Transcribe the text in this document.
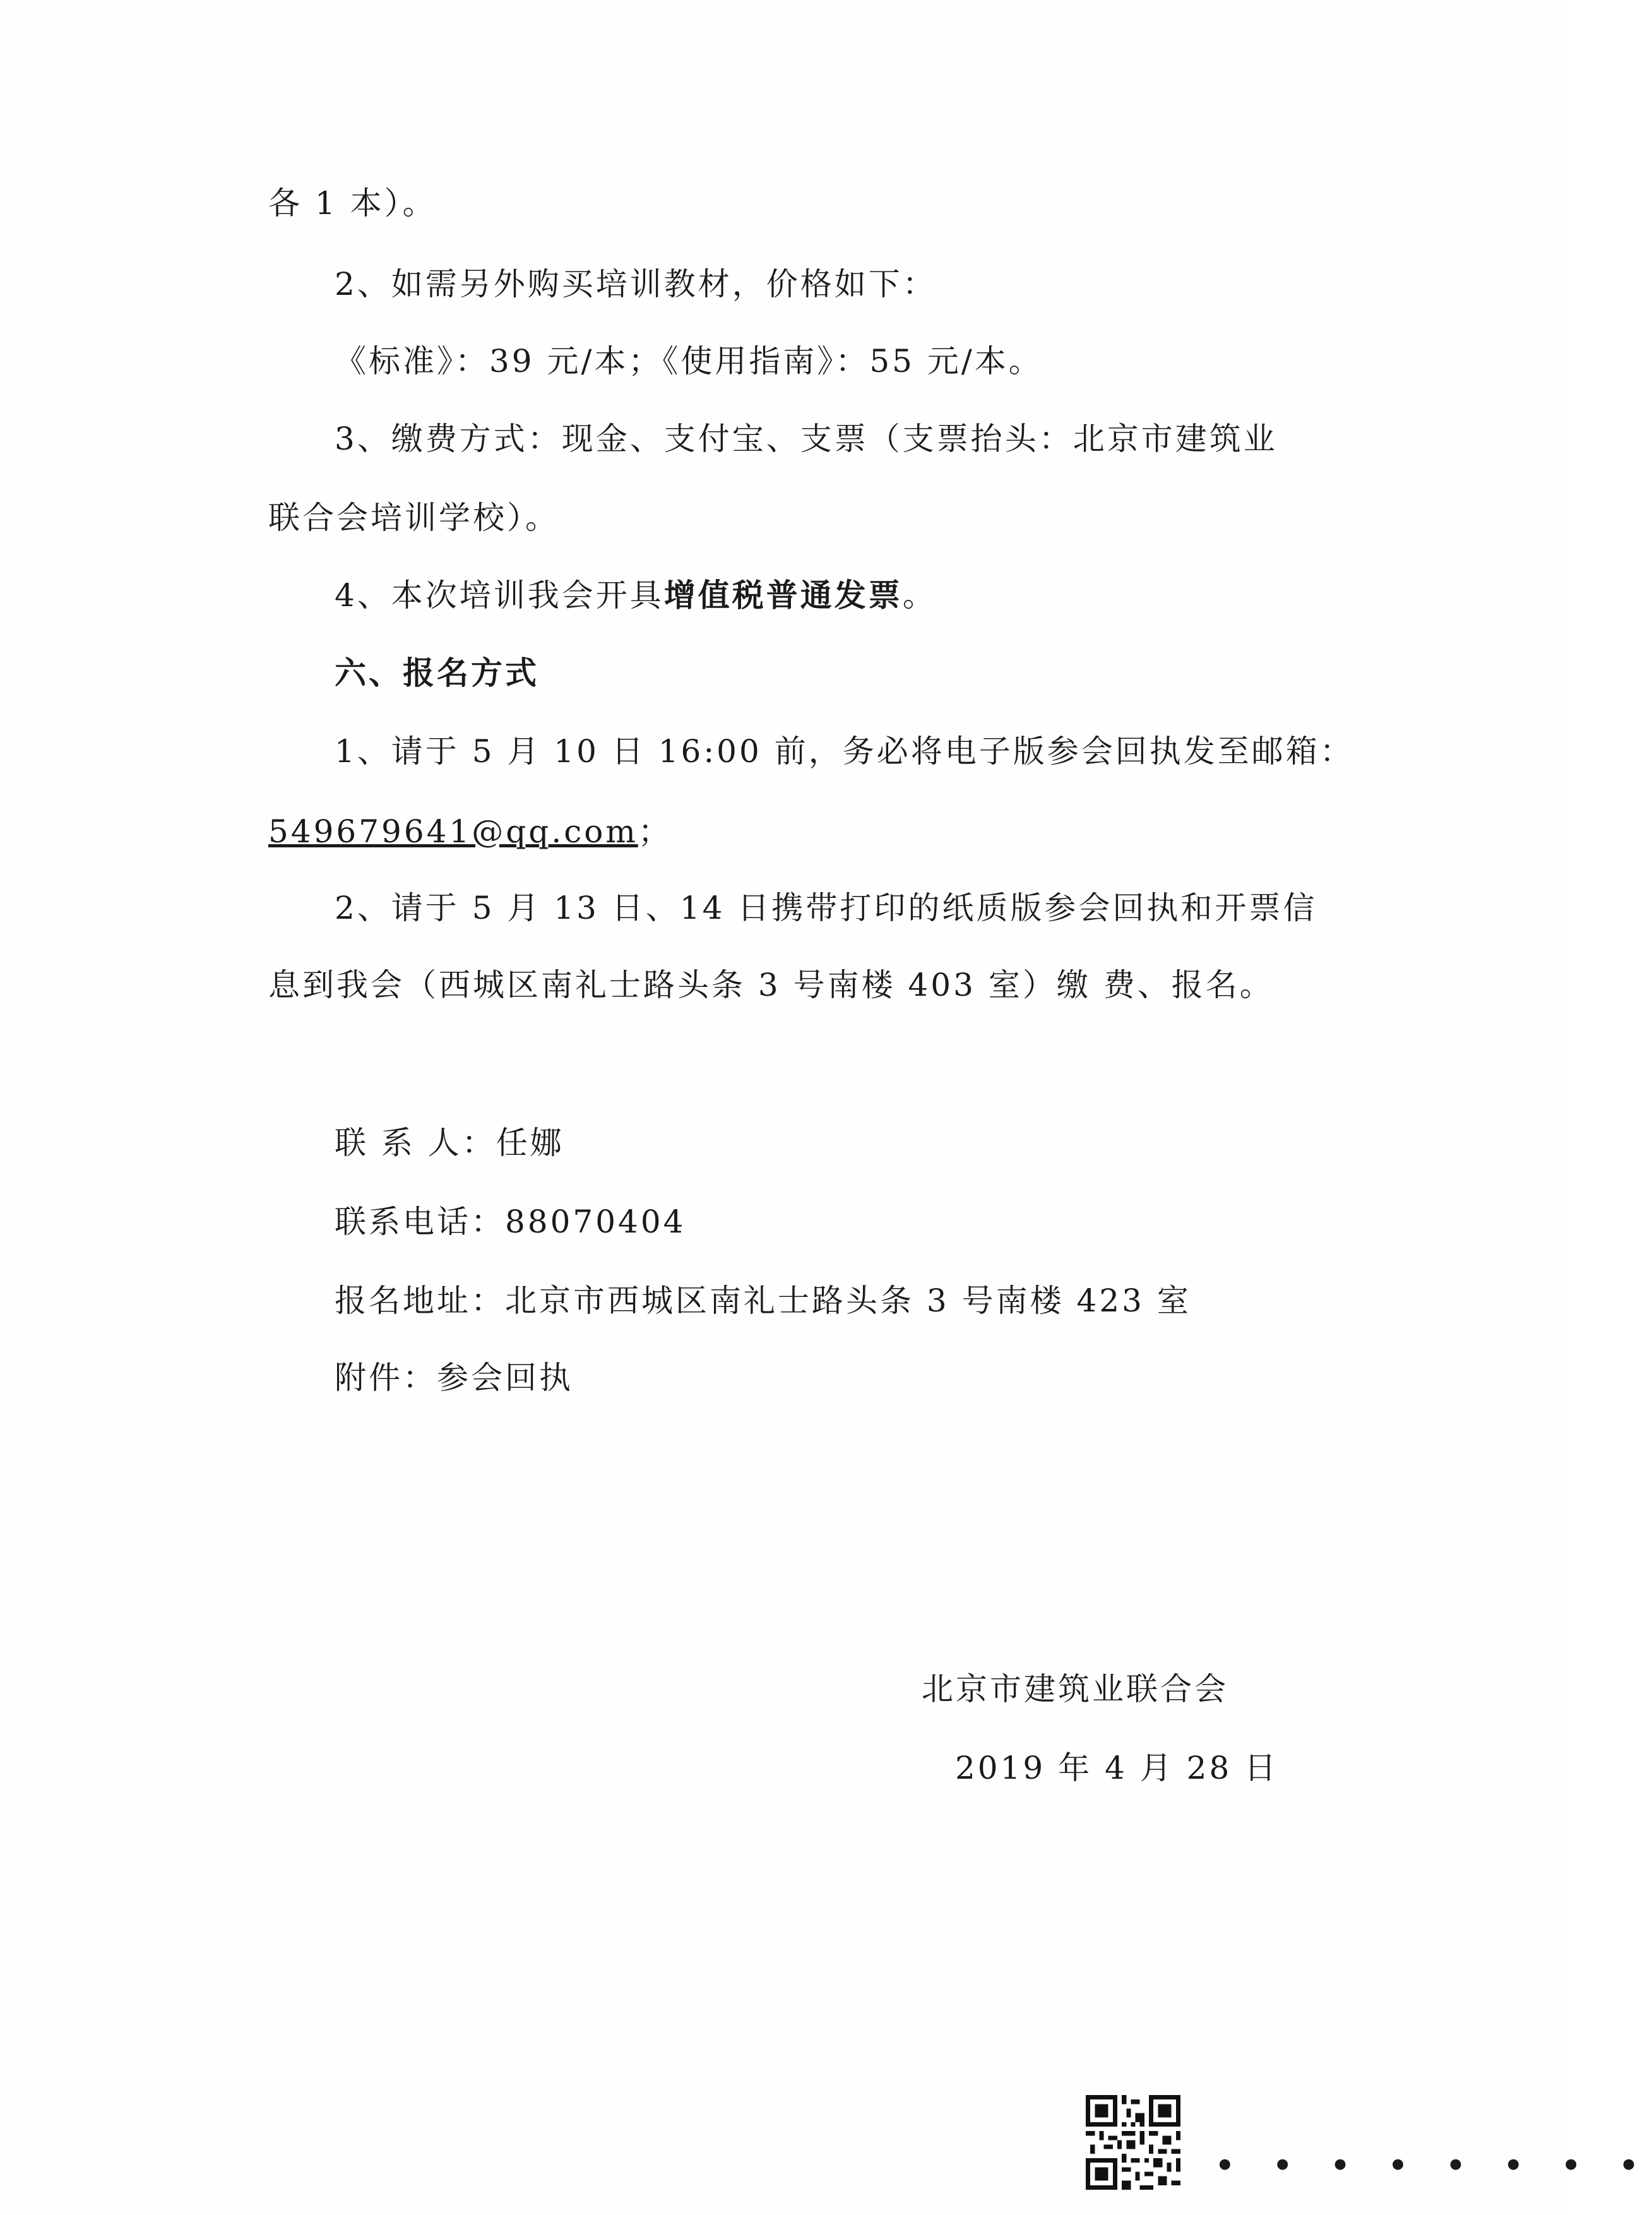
各 1 本）。
2、如需另外购买培训教材，价格如下：
《标准》：39 元/本；《使用指南》：55 元/本。
3、缴费方式：现金、支付宝、支票（支票抬头：北京市建筑业
联合会培训学校）。
4、本次培训我会开具增值税普通发票。
六、报名方式
1、请于 5 月 10 日 16:00 前，务必将电子版参会回执发至邮箱：
549679641@qq.com；
2、请于 5 月 13 日、14 日携带打印的纸质版参会回执和开票信
息到我会（西城区南礼士路头条 3 号南楼 403 室）缴 费、报名。
联 系 人：任娜
联系电话：88070404
报名地址：北京市西城区南礼士路头条 3 号南楼 423 室
附件：参会回执
北京市建筑业联合会
2019 年 4 月 28 日
• • • • • • • •
